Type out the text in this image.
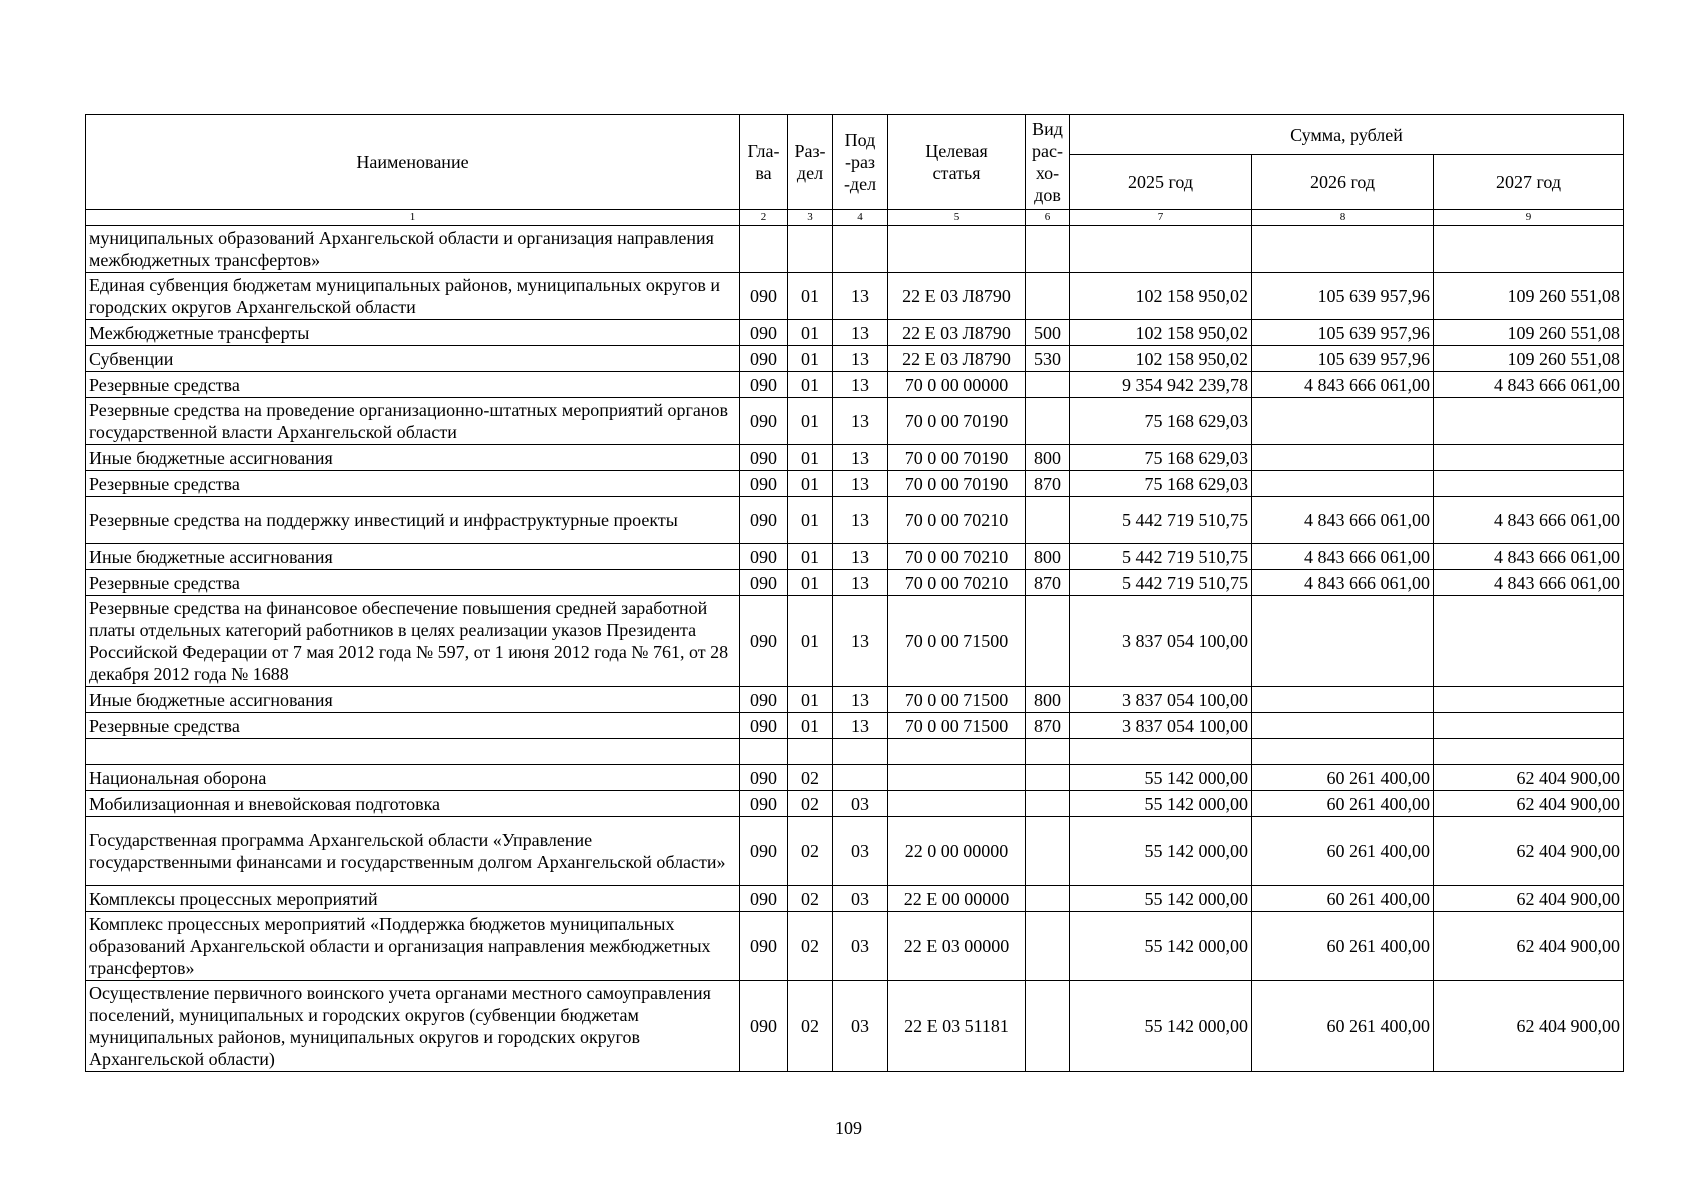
Наименование	Гла-ва	Раз-дел	Под-раз-дел	Целевая статья	Вид рас-хо-дов	Сумма, рублей		
						2025 год	2026 год	2027 год
1	2	3	4	5	6	7	8	9
муниципальных образований Архангельской области и организация направления межбюджетных трансфертов»								
Единая субвенция бюджетам муниципальных районов, муниципальных округов и городских округов Архангельской области	090	01	13	22 Е 03 Л8790		102 158 950,02	105 639 957,96	109 260 551,08
Межбюджетные трансферты	090	01	13	22 Е 03 Л8790	500	102 158 950,02	105 639 957,96	109 260 551,08
Субвенции	090	01	13	22 Е 03 Л8790	530	102 158 950,02	105 639 957,96	109 260 551,08
Резервные средства	090	01	13	70 0 00 00000		9 354 942 239,78	4 843 666 061,00	4 843 666 061,00
Резервные средства на проведение организационно-штатных мероприятий органов государственной власти Архангельской области	090	01	13	70 0 00 70190		75 168 629,03		
Иные бюджетные ассигнования	090	01	13	70 0 00 70190	800	75 168 629,03		
Резервные средства	090	01	13	70 0 00 70190	870	75 168 629,03		
Резервные средства на поддержку инвестиций и инфраструктурные проекты	090	01	13	70 0 00 70210		5 442 719 510,75	4 843 666 061,00	4 843 666 061,00
Иные бюджетные ассигнования	090	01	13	70 0 00 70210	800	5 442 719 510,75	4 843 666 061,00	4 843 666 061,00
Резервные средства	090	01	13	70 0 00 70210	870	5 442 719 510,75	4 843 666 061,00	4 843 666 061,00
Резервные средства на финансовое обеспечение повышения средней заработной платы отдельных категорий работников в целях реализации указов Президента Российской Федерации от 7 мая 2012 года № 597, от 1 июня 2012 года № 761, от 28 декабря 2012 года № 1688	090	01	13	70 0 00 71500		3 837 054 100,00		
Иные бюджетные ассигнования	090	01	13	70 0 00 71500	800	3 837 054 100,00		
Резервные средства	090	01	13	70 0 00 71500	870	3 837 054 100,00		

Национальная оборона	090	02				55 142 000,00	60 261 400,00	62 404 900,00
Мобилизационная и вневойсковая подготовка	090	02	03			55 142 000,00	60 261 400,00	62 404 900,00
Государственная программа Архангельской области «Управление государственными финансами и государственным долгом Архангельской области»	090	02	03	22 0 00 00000		55 142 000,00	60 261 400,00	62 404 900,00
Комплексы процессных мероприятий	090	02	03	22 Е 00 00000		55 142 000,00	60 261 400,00	62 404 900,00
Комплекс процессных мероприятий «Поддержка бюджетов муниципальных образований Архангельской области и организация направления межбюджетных трансфертов»	090	02	03	22 Е 03 00000		55 142 000,00	60 261 400,00	62 404 900,00
Осуществление первичного воинского учета органами местного самоуправления поселений, муниципальных и городских округов (субвенции бюджетам муниципальных районов, муниципальных округов и городских округов Архангельской области)	090	02	03	22 Е 03 51181		55 142 000,00	60 261 400,00	62 404 900,00
109
